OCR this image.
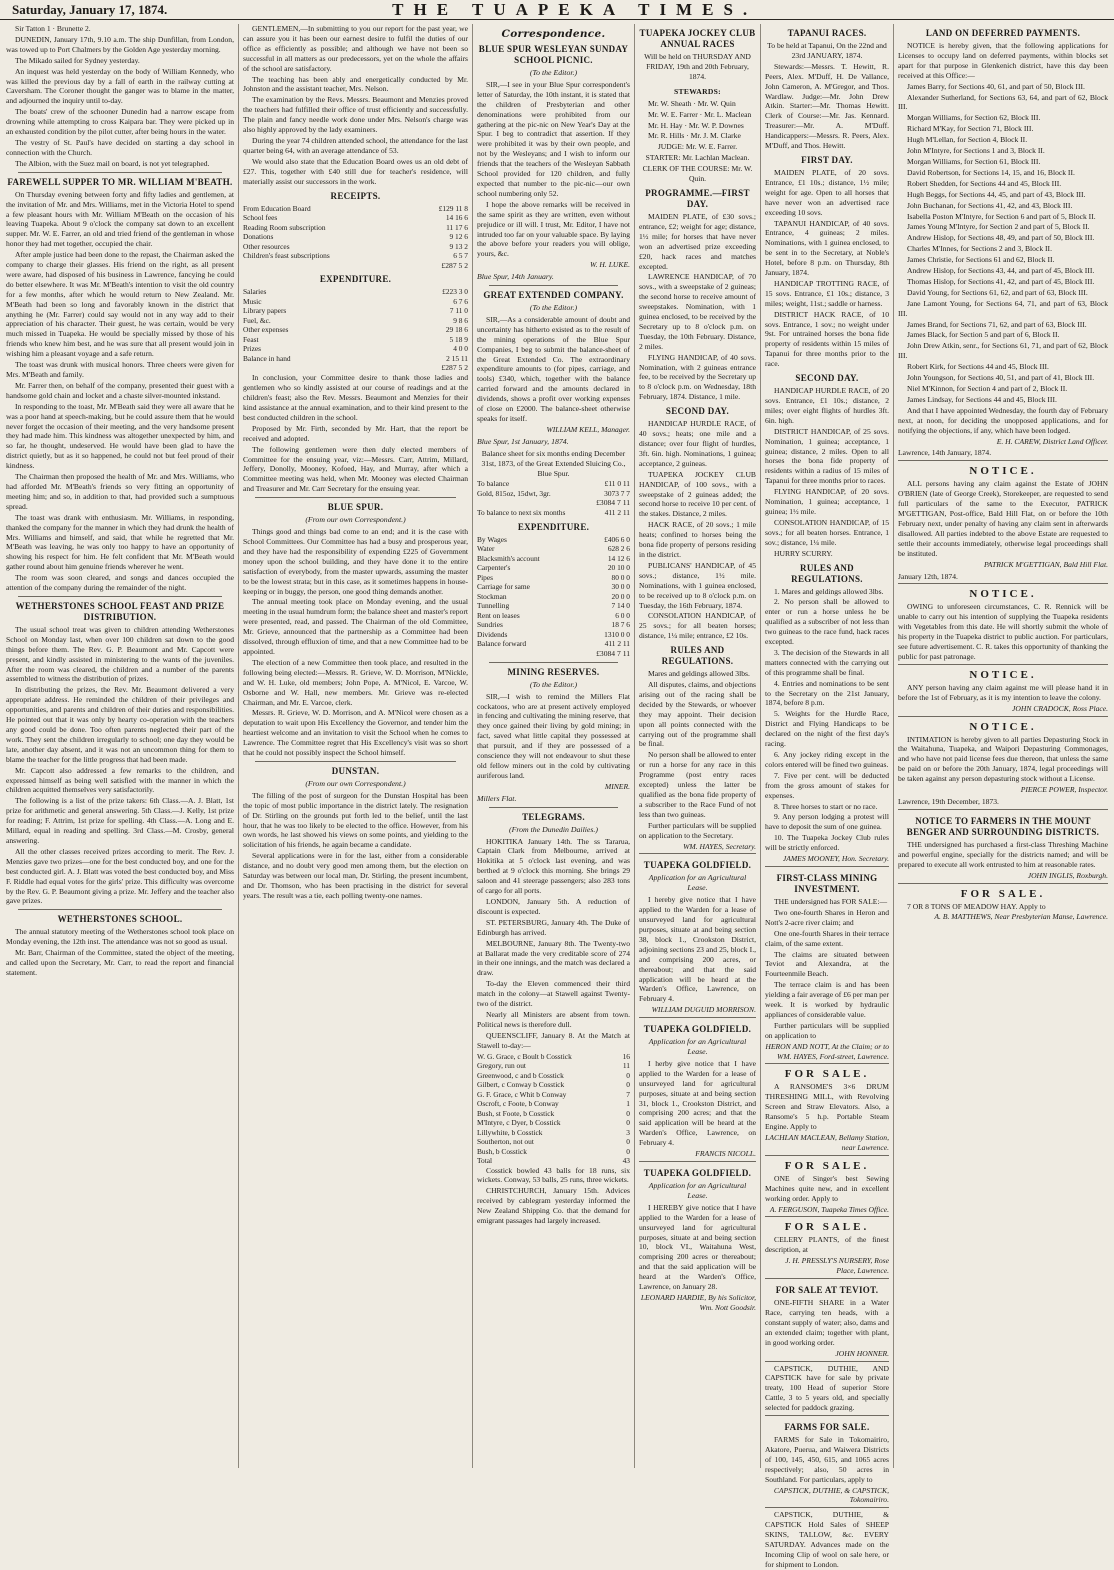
Saturday, January 17, 1874.	THE TUAPEKA TIMES.

Sir Tatton 1 · Brunette 2.

DUNEDIN, January 17th, 9.10 a.m. The ship Dunfillan, from London, was towed up to Port Chalmers by the Golden Age yesterday morning.

The Mikado sailed for Sydney yesterday.

An inquest was held yesterday on the body of William Kennedy, who was killed the previous day by a fall of earth in the railway cutting at Caversham. The Coroner thought the ganger was to blame in the matter, and adjourned the inquiry until to-day.

The boats' crew of the schooner Dunedin had a narrow escape from drowning while attempting to cross Kaipara bar. They were picked up in an exhausted condition by the pilot cutter, after being hours in the water.

The vestry of St. Paul's have decided on starting a day school in connection with the Church.

The Albion, with the Suez mail on board, is not yet telegraphed.

FAREWELL SUPPER TO MR. WILLIAM M'BEATH.

On Thursday evening between forty and fifty ladies and gentlemen, at the invitation of Mr. and Mrs. Williams, met in the Victoria Hotel to spend a few pleasant hours with Mr. William M'Beath on the occasion of his leaving Tuapeka. About 9 o'clock the company sat down to an excellent supper. Mr. W. E. Farrer, an old and tried friend of the gentleman in whose honor they had met together, occupied the chair.

After ample justice had been done to the repast, the Chairman asked the company to charge their glasses. His friend on the right, as all present were aware, had disposed of his business in Lawrence, fancying he could do better elsewhere. It was Mr. M'Beath's intention to visit the old country for a few months, after which he would return to New Zealand. Mr. M'Beath had been so long and favorably known in the district that anything he (Mr. Farrer) could say would not in any way add to their appreciation of his character. Their guest, he was certain, would be very much missed in Tuapeka. He would be specially missed by those of his friends who knew him best, and he was sure that all present would join in wishing him a pleasant voyage and a safe return.

The toast was drunk with musical honors. Three cheers were given for Mrs. M'Beath and family.

Mr. Farrer then, on behalf of the company, presented their guest with a handsome gold chain and locket and a chaste silver-mounted inkstand.

In responding to the toast, Mr. M'Beath said they were all aware that he was a poor hand at speech-making, but he could assure them that he would never forget the occasion of their meeting, and the very handsome present they had made him. This kindness was altogether unexpected by him, and so far, he thought, undeserved. He would have been glad to have the district quietly, but as it so happened, he could not but feel proud of their kindness.

The Chairman then proposed the health of Mr. and Mrs. Williams, who had afforded Mr. M'Beath's friends so very fitting an opportunity of meeting him; and so, in addition to that, had provided such a sumptuous spread.

The toast was drank with enthusiasm. Mr. Williams, in responding, thanked the company for the manner in which they had drunk the health of Mrs. Williams and himself, and said, that while he regretted that Mr. M'Beath was leaving, he was only too happy to have an opportunity of showing his respect for him. He felt confident that Mr. M'Beath would gather round about him genuine friends wherever he went.

The room was soon cleared, and songs and dances occupied the attention of the company during the remainder of the night.

WETHERSTONES SCHOOL FEAST AND PRIZE DISTRIBUTION.

The usual school treat was given to children attending Wetherstones School on Monday last, when over 100 children sat down to the good things before them. The Rev. G. P. Beaumont and Mr. Capcott were present, and kindly assisted in ministering to the wants of the juveniles. After the room was cleared, the children and a number of the parents assembled to witness the distribution of prizes.

In distributing the prizes, the Rev. Mr. Beaumont delivered a very appropriate address. He reminded the children of their privileges and opportunities, and parents and children of their duties and responsibilities. He pointed out that it was only by hearty co-operation with the teachers any good could be done. Too often parents neglected their part of the work. They sent the children irregularly to school; one day they would be late, another day absent, and it was not an uncommon thing for them to blame the teacher for the little progress that had been made.

Mr. Capcott also addressed a few remarks to the children, and expressed himself as being well satisfied with the manner in which the children acquitted themselves very satisfactorily.

The following is a list of the prize takers: 6th Class.—A. J. Blatt, 1st prize for arithmetic and general answering. 5th Class.—J. Kelly, 1st prize for reading; F. Attrim, 1st prize for spelling. 4th Class.—A. Long and E. Millard, equal in reading and spelling. 3rd Class.—M. Crosby, general answering.

All the other classes received prizes according to merit. The Rev. J. Menzies gave two prizes—one for the best conducted boy, and one for the best conducted girl. A. J. Blatt was voted the best conducted boy, and Miss F. Riddle had equal votes for the girls' prize. This difficulty was overcome by the Rev. G. P. Beaumont giving a prize. Mr. Jeffery and the teacher also gave prizes.

WETHERSTONES SCHOOL.

The annual statutory meeting of the Wetherstones school took place on Monday evening, the 12th inst. The attendance was not so good as usual.

Mr. Barr, Chairman of the Committee, stated the object of the meeting, and called upon the Secretary, Mr. Carr, to read the report and financial statement.

GENTLEMEN,—In submitting to you our report for the past year, we can assure you it has been our earnest desire to fulfil the duties of our office as efficiently as possible; and although we have not been so successful in all matters as our predecessors, yet on the whole the affairs of the school are satisfactory.

The teaching has been ably and energetically conducted by Mr. Johnston and the assistant teacher, Mrs. Nelson.

The examination by the Revs. Messrs. Beaumont and Menzies proved the teachers had fulfilled their office of trust efficiently and successfully. The plain and fancy needle work done under Mrs. Nelson's charge was also highly approved by the lady examiners.

During the year 74 children attended school, the attendance for the last quarter being 64, with an average attendance of 53.

We would also state that the Education Board owes us an old debt of £27. This, together with £40 still due for teacher's residence, will materially assist our successors in the work.

RECEIPTS.
From Education Board	£129 11 8
School fees	14 16 6
Reading Room subscription	11 17 6
Donations	9 12 6
Other resources	9 13 2
Children's feast subscriptions	6 5 7
£287 5 2
EXPENDITURE.
Salaries	£223 3 0
Music	6 7 6
Library papers	7 11 0
Fuel, &c.	9 8 6
Other expenses	29 18 6
Feast	5 18 9
Prizes	4 0 0
Balance in hand	2 15 11
£287 5 2

In conclusion, your Committee desire to thank those ladies and gentlemen who so kindly assisted at our course of readings and at the children's feast; also the Rev. Messrs. Beaumont and Menzies for their kind assistance at the annual examination, and to their kind present to the best conducted children in the school.

Proposed by Mr. Firth, seconded by Mr. Hart, that the report be received and adopted.

The following gentlemen were then duly elected members of Committee for the ensuing year, viz:—Messrs. Carr, Attrim, Millard, Jeffery, Donolly, Mooney, Kofoed, Hay, and Murray, after which a Committee meeting was held, when Mr. Mooney was elected Chairman and Treasurer and Mr. Carr Secretary for the ensuing year.

BLUE SPUR.
(From our own Correspondent.)

Things good and things bad come to an end; and it is the case with School Committees. Our Committee has had a busy and prosperous year, and they have had the responsibility of expending £225 of Government money upon the school building, and they have done it to the entire satisfaction of everybody, from the master upwards, assuming the master to be the lowest strata; but in this case, as it sometimes happens in house-keeping or in buggy, the person, one good thing demands another.

The annual meeting took place on Monday evening, and the usual meeting in the usual humdrum form; the balance sheet and master's report were presented, read, and passed. The Chairman of the old Committee, Mr. Grieve, announced that the partnership as a Committee had been dissolved, through effluxion of time, and that a new Committee had to be appointed.

The election of a new Committee then took place, and resulted in the following being elected:—Messrs. R. Grieve, W. D. Morrison, M'Nickle, and W. H. Luke, old members; John Pope, A. M'Nicol, E. Varcoe, W. Osborne and W. Hall, new members. Mr. Grieve was re-elected Chairman, and Mr. E. Varcoe, clerk.

Messrs. R. Grieve, W. D. Morrison, and A. M'Nicol were chosen as a deputation to wait upon His Excellency the Governor, and tender him the heartiest welcome and an invitation to visit the School when he comes to Lawrence. The Committee regret that His Excellency's visit was so short that he could not possibly inspect the School himself.

DUNSTAN.
(From our own Correspondent.)

The filling of the post of surgeon for the Dunstan Hospital has been the topic of most public importance in the district lately. The resignation of Dr. Stirling on the grounds put forth led to the belief, until the last hour, that he was too likely to be elected to the office. However, from his own words, he last showed his views on some points, and yielding to the solicitation of his friends, he again became a candidate.

Several applications were in for the last, either from a considerable distance, and no doubt very good men among them, but the election on Saturday was between our local man, Dr. Stirling, the present incumbent, and Dr. Thomson, who has been practising in the district for several years. The result was a tie, each polling twenty-one names.

Correspondence.
BLUE SPUR WESLEYAN SUNDAY SCHOOL PICNIC.
(To the Editor.)

SIR,—I see in your Blue Spur correspondent's letter of Saturday, the 10th instant, it is stated that the children of Presbyterian and other denominations were prohibited from our gathering at the pic-nic on New Year's Day at the Spur. I beg to contradict that assertion. If they were prohibited it was by their own people, and not by the Wesleyans; and I wish to inform our friends that the teachers of the Wesleyan Sabbath School provided for 120 children, and fully expected that number to the pic-nic—our own school numbering only 52.

I hope the above remarks will be received in the same spirit as they are written, even without prejudice or ill will. I trust, Mr. Editor, I have not intruded too far on your valuable space. By laying the above before your readers you will oblige, yours, &c.

W. H. LUKE.
Blue Spur, 14th January.
GREAT EXTENDED COMPANY.
(To the Editor.)

SIR,—As a considerable amount of doubt and uncertainty has hitherto existed as to the result of the mining operations of the Blue Spur Companies, I beg to submit the balance-sheet of the Great Extended Co. The extraordinary expenditure amounts to (for pipes, carriage, and tools) £340, which, together with the balance carried forward and the amounts declared in dividends, shows a profit over working expenses of close on £2000. The balance-sheet otherwise speaks for itself.

WILLIAM KELL, Manager.
Blue Spur, 1st January, 1874.

Balance sheet for six months ending December 31st, 1873, of the Great Extended Sluicing Co., Blue Spur.

To balance	£11 0 11
Gold, 815oz, 15dwt, 3gr.	3073 7 7
£3084 7 11
To balance to next six months	411 2 11
EXPENDITURE.
By Wages	£406 6 0
Water	628 2 6
Blacksmith's account	14 12 6
Carpenter's	20 10 0
Pipes	80 0 0
Carriage for same	30 0 0
Stockman	20 0 0
Tunnelling	7 14 0
Rent on leases	6 0 0
Sundries	18 7 6
Dividends	1310 0 0
Balance forward	411 2 11
£3084 7 11
MINING RESERVES.
(To the Editor.)

SIR,—I wish to remind the Millers Flat cockatoos, who are at present actively employed in fencing and cultivating the mining reserve, that they once gained their living by gold mining; in fact, saved what little capital they possessed at that pursuit, and if they are possessed of a conscience they will not endeavour to shut these old fellow miners out in the cold by cultivating auriferous land.

MINER.
Millers Flat.
TELEGRAMS.
(From the Dunedin Dailies.)

HOKITIKA January 14th. The ss Tararua, Captain Clark from Melbourne, arrived at Hokitika at 5 o'clock last evening, and was berthed at 9 o'clock this morning. She brings 29 saloon and 41 steerage passengers; also 283 tons of cargo for all ports.

LONDON, January 5th. A reduction of discount is expected.

ST. PETERSBURG, January 4th. The Duke of Edinburgh has arrived.

MELBOURNE, January 8th. The Twenty-two at Ballarat made the very creditable score of 274 in their one innings, and the match was declared a draw.

To-day the Eleven commenced their third match in the colony—at Stawell against Twenty-two of the district.

Nearly all Ministers are absent from town. Political news is therefore dull.

QUEENSCLIFF, January 8. At the Match at Stawell to-day:—

W. G. Grace, c Boult b Cosstick	16
Gregory, run out	11
Greenwood, c and b Cosstick	0
Gilbert, c Conway b Cosstick	0
G. F. Grace, c Whit b Conway	7
Oscroft, c Foote, b Conway	1
Bush, st Foote, b Cosstick	0
M'Intyre, c Dyer, b Cosstick	0
Lillywhite, b Cosstick	3
Southerton, not out	0
Bush, b Cosstick	0
Total	43

Cosstick bowled 43 balls for 18 runs, six wickets. Conway, 53 balls, 25 runs, three wickets.

CHRISTCHURCH, January 15th. Advices received by cablegram yesterday informed the New Zealand Shipping Co. that the demand for emigrant passages had largely increased.

TUAPEKA JOCKEY CLUB ANNUAL RACES

Will be held on THURSDAY AND FRIDAY, 19th and 20th February, 1874.

STEWARDS:

Mr. W. Sheath · Mr. W. Quin

Mr. W. E. Farrer · Mr. L. Maclean

Mr. H. Hay · Mr. W. P. Downes

Mr. R. Hills · Mr. J. M. Clarke

JUDGE: Mr. W. E. Farrer.

STARTER: Mr. Lachlan Maclean.

CLERK OF THE COURSE: Mr. W. Quin.

PROGRAMME.—FIRST DAY.

MAIDEN PLATE, of £30 sovs.; entrance, £2; weight for age; distance, 1½ mile; for horses that have never won an advertised prize exceeding £20, hack races and matches excepted.

LAWRENCE HANDICAP, of 70 sovs., with a sweepstake of 2 guineas; the second horse to receive amount of sweepstakes. Nomination, with 1 guinea enclosed, to be received by the Secretary up to 8 o'clock p.m. on Tuesday, the 10th February. Distance, 2 miles.

FLYING HANDICAP, of 40 sovs. Nomination, with 2 guineas entrance fee, to be received by the Secretary up to 8 o'clock p.m. on Wednesday, 18th February, 1874. Distance, 1 mile.

SECOND DAY.

HANDICAP HURDLE RACE, of 40 sovs.; heats; one mile and a distance; over four flight of hurdles, 3ft. 6in. high. Nominations, 1 guinea; acceptance, 2 guineas.

TUAPEKA JOCKEY CLUB HANDICAP, of 100 sovs., with a sweepstake of 2 guineas added; the second horse to receive 10 per cent. of the stakes. Distance, 2 miles.

HACK RACE, of 20 sovs.; 1 mile heats; confined to horses being the bona fide property of persons residing in the district.

PUBLICANS' HANDICAP, of 45 sovs.; distance, 1½ mile. Nominations, with 1 guinea enclosed, to be received up to 8 o'clock p.m. on Tuesday, the 16th February, 1874.

CONSOLATION HANDICAP, of 25 sovs.; for all beaten horses; distance, 1¼ mile; entrance, £2 10s.

RULES AND REGULATIONS.

Mares and geldings allowed 3lbs.

All disputes, claims, and objections arising out of the racing shall be decided by the Stewards, or whoever they may appoint. Their decision upon all points connected with the carrying out of the programme shall be final.

No person shall be allowed to enter or run a horse for any race in this Programme (post entry races excepted) unless the latter be qualified as the bona fide property of a subscriber to the Race Fund of not less than two guineas.

Further particulars will be supplied on application to the Secretary.

WM. HAYES, Secretary.
TUAPEKA GOLDFIELD.
Application for an Agricultural Lease.

I hereby give notice that I have applied to the Warden for a lease of unsurveyed land for agricultural purposes, situate at and being section 38, block 1., Crookston District, adjoining sections 23 and 25, block I., and comprising 200 acres, or thereabout; and that the said application will be heard at the Warden's Office, Lawrence, on February 4.

WILLIAM DUGUID MORRISON.
TUAPEKA GOLDFIELD.
Application for an Agricultural Lease.

I herby give notice that I have applied to the Warden for a lease of unsurveyed land for agricultural purposes, situate at and being section 31, block 1., Crookston District, and comprising 200 acres; and that the said application will be heard at the Warden's Office, Lawrence, on February 4.

FRANCIS NICOLL.
TUAPEKA GOLDFIELD.
Application for an Agricultural Lease.

I HEREBY give notice that I have applied to the Warden for a lease of unsurveyed land for agricultural purposes, situate at and being section 10, block VI., Waitahuna West, comprising 200 acres or thereabout; and that the said application will be heard at the Warden's Office, Lawrence, on January 28.

LEONARD HARDIE, By his Solicitor, Wm. Nott Goodsir.
TAPANUI RACES.

To be held at Tapanui, On the 22nd and 23rd JANUARY, 1874.

Stewards:—Messrs. T. Hewitt, R. Peers, Alex. M'Duff, H. De Vallance, John Cameron, A. M'Gregor, and Thos. Wardlaw. Judge:—Mr. John Drew Atkin. Starter:—Mr. Thomas Hewitt. Clerk of Course:—Mr. Jas. Kennard. Treasurer:—Mr. A. M'Duff. Handicappers:—Messrs. R. Peers, Alex. M'Duff, and Thos. Hewitt.

FIRST DAY.

MAIDEN PLATE, of 20 sovs. Entrance, £1 10s.; distance, 1½ mile; weight for age. Open to all horses that have never won an advertised race exceeding 10 sovs.

TAPANUI HANDICAP, of 40 sovs. Entrance, 4 guineas; 2 miles. Nominations, with 1 guinea enclosed, to be sent in to the Secretary, at Noble's Hotel, before 8 p.m. on Thursday, 8th January, 1874.

HANDICAP TROTTING RACE, of 15 sovs. Entrance, £1 10s.; distance, 3 miles; weight, 11st.; saddle or harness.

DISTRICT HACK RACE, of 10 sovs. Entrance, 1 sov.; no weight under 9st. For untrained horses the bona fide property of residents within 15 miles of Tapanui for three months prior to the race.

SECOND DAY.

HANDICAP HURDLE RACE, of 20 sovs. Entrance, £1 10s.; distance, 2 miles; over eight flights of hurdles 3ft. 6in. high.

DISTRICT HANDICAP, of 25 sovs. Nomination, 1 guinea; acceptance, 1 guinea; distance, 2 miles. Open to all horses the bona fide property of residents within a radius of 15 miles of Tapanui for three months prior to races.

FLYING HANDICAP, of 20 sovs. Nomination, 1 guinea; acceptance, 1 guinea; 1½ mile.

CONSOLATION HANDICAP, of 15 sovs.; for all beaten horses. Entrance, 1 sov.; distance, 1¼ mile.

HURRY SCURRY.

RULES AND REGULATIONS.

1. Mares and geldings allowed 3lbs.

2. No person shall be allowed to enter or run a horse unless he be qualified as a subscriber of not less than two guineas to the race fund, hack races excepted.

3. The decision of the Stewards in all matters connected with the carrying out of this programme shall be final.

4. Entries and nominations to be sent to the Secretary on the 21st January, 1874, before 8 p.m.

5. Weights for the Hurdle Race, District and Flying Handicaps to be declared on the night of the first day's racing.

6. Any jockey riding except in the colors entered will be fined two guineas.

7. Five per cent. will be deducted from the gross amount of stakes for expenses.

8. Three horses to start or no race.

9. Any person lodging a protest will have to deposit the sum of one guinea.

10. The Tuapeka Jockey Club rules will be strictly enforced.

JAMES MOONEY, Hon. Secretary.
FIRST-CLASS MINING INVESTMENT.

THE undersigned has FOR SALE:—

Two one-fourth Shares in Heron and Nott's 2-acre river claim; and

One one-fourth Shares in their terrace claim, of the same extent.

The claims are situated between Teviot and Alexandra, at the Fourteenmile Beach.

The terrace claim is and has been yielding a fair average of £6 per man per week. It is worked by hydraulic appliances of considerable value.

Further particulars will be supplied on application to

HERON AND NOTT, At the Claim; or to WM. HAYES, Ford-street, Lawrence.
FOR SALE.

A RANSOME'S 3×6 DRUM THRESHING MILL, with Revolving Screen and Straw Elevators. Also, a Ransome's 5 h.p. Portable Steam Engine. Apply to

LACHLAN MACLEAN, Bellamy Station, near Lawrence.
FOR SALE.

ONE of Singer's best Sewing Machines quite new, and in excellent working order. Apply to

A. FERGUSON, Tuapeka Times Office.
FOR SALE.

CELERY PLANTS, of the finest description, at

J. H. PRESSLY'S NURSERY, Rose Place, Lawrence.
FOR SALE AT TEVIOT.

ONE-FIFTH SHARE in a Water Race, carrying ten heads, with a constant supply of water; also, dams and an extended claim; together with plant, in good working order.

JOHN HONNER.

CAPSTICK, DUTHIE, AND CAPSTICK have for sale by private treaty, 100 Head of superior Store Cattle, 3 to 5 years old, and specially selected for paddock grazing.

FARMS FOR SALE.

FARMS for Sale in Tokomairiro, Akatore, Puerua, and Waiwera Districts of 100, 145, 450, 615, and 1065 acres respectively; also, 50 acres in Southland. For particulars, apply to

CAPSTICK, DUTHIE, & CAPSTICK, Tokomairiro.

CAPSTICK, DUTHIE, & CAPSTICK Hold Sales of SHEEP SKINS, TALLOW, &c. EVERY SATURDAY. Advances made on the Incoming Clip of wool on sale here, or for shipment to London.

LAND ON DEFERRED PAYMENTS.

NOTICE is hereby given, that the following applications for Licenses to occupy land on deferred payments, within blocks set apart for that purpose in Glenkenich district, have this day been received at this Office:—

James Barry, for Sections 40, 61, and part of 50, Block III.

Alexander Sutherland, for Sections 63, 64, and part of 62, Block III.

Morgan Williams, for Section 62, Block III.

Richard M'Kay, for Section 71, Block III.

Hugh M'Lellan, for Section 4, Block II.

John M'Intyre, for Sections 1 and 3, Block II.

Morgan Williams, for Section 61, Block III.

David Robertson, for Sections 14, 15, and 16, Block II.

Robert Shedden, for Sections 44 and 45, Block III.

Hugh Beggs, for Sections 44, 45, and part of 43, Block III.

John Buchanan, for Sections 41, 42, and 43, Block III.

Isabella Poston M'Intyre, for Section 6 and part of 5, Block II.

James Young M'Intyre, for Section 2 and part of 5, Block II.

Andrew Hislop, for Sections 48, 49, and part of 50, Block III.

Charles M'Innes, for Sections 2 and 3, Block II.

James Christie, for Sections 61 and 62, Block II.

Andrew Hislop, for Sections 43, 44, and part of 45, Block III.

Thomas Hislop, for Sections 41, 42, and part of 45, Block III.

David Young, for Sections 61, 62, and part of 63, Block III.

Jane Lamont Young, for Sections 64, 71, and part of 63, Block III.

James Brand, for Sections 71, 62, and part of 63, Block III.

James Black, for Section 5 and part of 6, Block II.

John Drew Atkin, senr., for Sections 61, 71, and part of 62, Block III.

Robert Kirk, for Sections 44 and 45, Block III.

John Youngson, for Sections 40, 51, and part of 41, Block III.

Niel M'Kinnon, for Section 4 and part of 2, Block II.

James Lindsay, for Sections 44 and 45, Block III.

And that I have appointed Wednesday, the fourth day of February next, at noon, for deciding the unopposed applications, and for notifying the objections, if any, which have been lodged.

E. H. CAREW, District Land Officer.

Lawrence, 14th January, 1874.

NOTICE.

ALL persons having any claim against the Estate of JOHN O'BRIEN (late of George Creek), Storekeeper, are requested to send full particulars of the same to the Executor, PATRICK M'GETTIGAN, Post-office, Bald Hill Flat, on or before the 10th February next, under penalty of having any claim sent in afterwards disallowed. All parties indebted to the above Estate are requested to settle their accounts immediately, otherwise legal proceedings shall be instituted.

PATRICK M'GETTIGAN, Bald Hill Flat.

January 12th, 1874.

NOTICE.

OWING to unforeseen circumstances, C. R. Rennick will be unable to carry out his intention of supplying the Tuapeka residents with Vegetables from this date. He will shortly submit the whole of his property in the Tuapeka district to public auction. For particulars, see future advertisement. C. R. takes this opportunity of thanking the public for past patronage.

NOTICE.

ANY person having any claim against me will please hand it in before the 1st of February, as it is my intention to leave the colony.

JOHN CRADOCK, Ross Place.
NOTICE.

INTIMATION is hereby given to all parties Depasturing Stock in the Waitahuna, Tuapeka, and Waipori Depasturing Commonages, and who have not paid license fees due thereon, that unless the same be paid on or before the 20th January, 1874, legal proceedings will be taken against any person depasturing stock without a License.

PIERCE POWER, Inspector.

Lawrence, 19th December, 1873.

NOTICE TO FARMERS IN THE MOUNT BENGER AND SURROUNDING DISTRICTS.

THE undersigned has purchased a first-class Threshing Machine and powerful engine, specially for the districts named; and will be prepared to execute all work entrusted to him at reasonable rates.

JOHN INGLIS, Roxburgh.
FOR SALE.

7 OR 8 TONS OF MEADOW HAY. Apply to

A. B. MATTHEWS, Near Presbyterian Manse, Lawrence.
